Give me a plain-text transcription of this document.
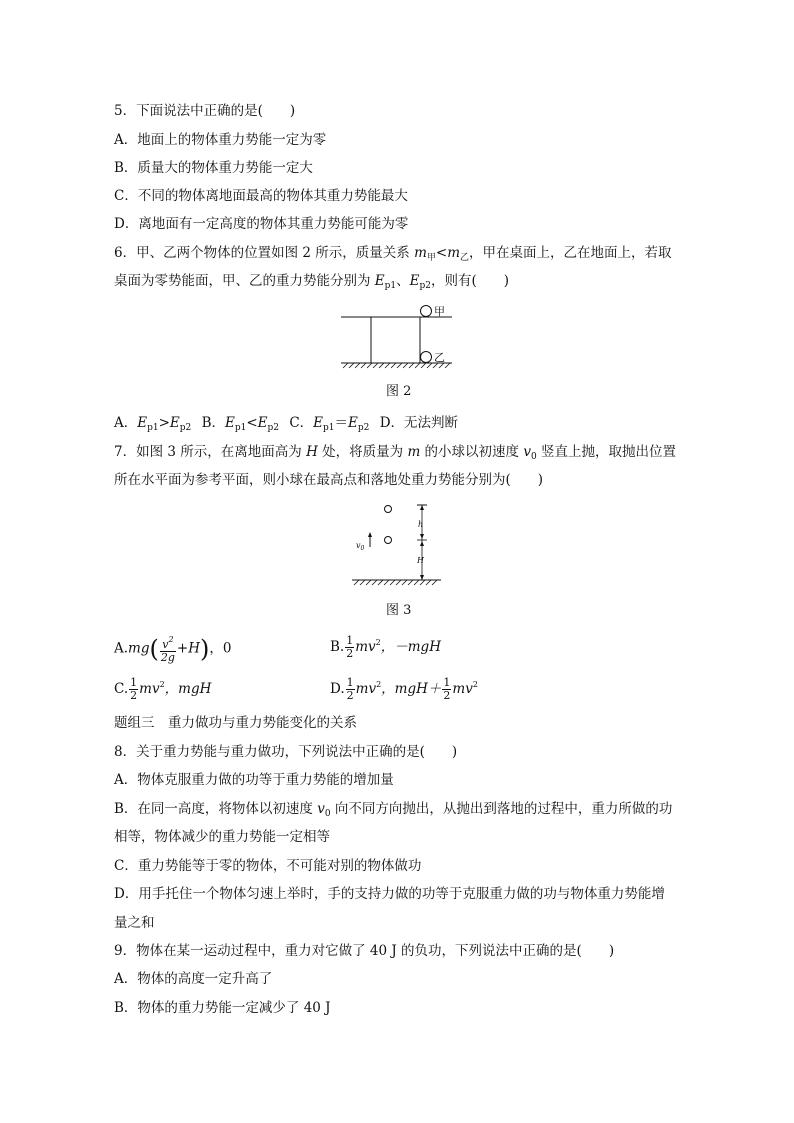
5．下面说法中正确的是(　　)
A．地面上的物体重力势能一定为零
B．质量大的物体重力势能一定大
C．不同的物体离地面最高的物体其重力势能最大
D．离地面有一定高度的物体其重力势能可能为零
6．甲、乙两个物体的位置如图 2 所示，质量关系 $m_甲<m_乙$，甲在桌面上，乙在地面上，若取
桌面为零势能面，甲、乙的重力势能分别为 $E_{p1}$、$E_{p2}$，则有(　　)
甲
乙
图 2
A．$E_{p1}>E_{p2}$ B．$E_{p1}<E_{p2}$ C．$E_{p1}=E_{p2}$ D．无法判断
7．如图 3 所示，在离地面高为 H 处，将质量为 m 的小球以初速度 $v_0$ 竖直上抛，取抛出位置
所在水平面为参考平面，则小球在最高点和落地处重力势能分别为(　　)
$v_0$
h
H
图 3
$A.mg( \frac{v^2}{2g} +H)$，0	B. $\frac{1}{2} mv^2$，－mgH
C. $\frac{1}{2} mv^2$，mgH	D. $\frac{1}{2} mv^2$，$mgH+ \frac{1}{2} mv^2$
题组三　重力做功与重力势能变化的关系
8．关于重力势能与重力做功，下列说法中正确的是(　　)
A．物体克服重力做的功等于重力势能的增加量
B．在同一高度，将物体以初速度 $v_0$ 向不同方向抛出，从抛出到落地的过程中，重力所做的功
相等，物体减少的重力势能一定相等
C．重力势能等于零的物体，不可能对别的物体做功
D．用手托住一个物体匀速上举时，手的支持力做的功等于克服重力做的功与物体重力势能增
量之和
9．物体在某一运动过程中，重力对它做了 40 J 的负功，下列说法中正确的是(　　)
A．物体的高度一定升高了
B．物体的重力势能一定减少了 40 J
